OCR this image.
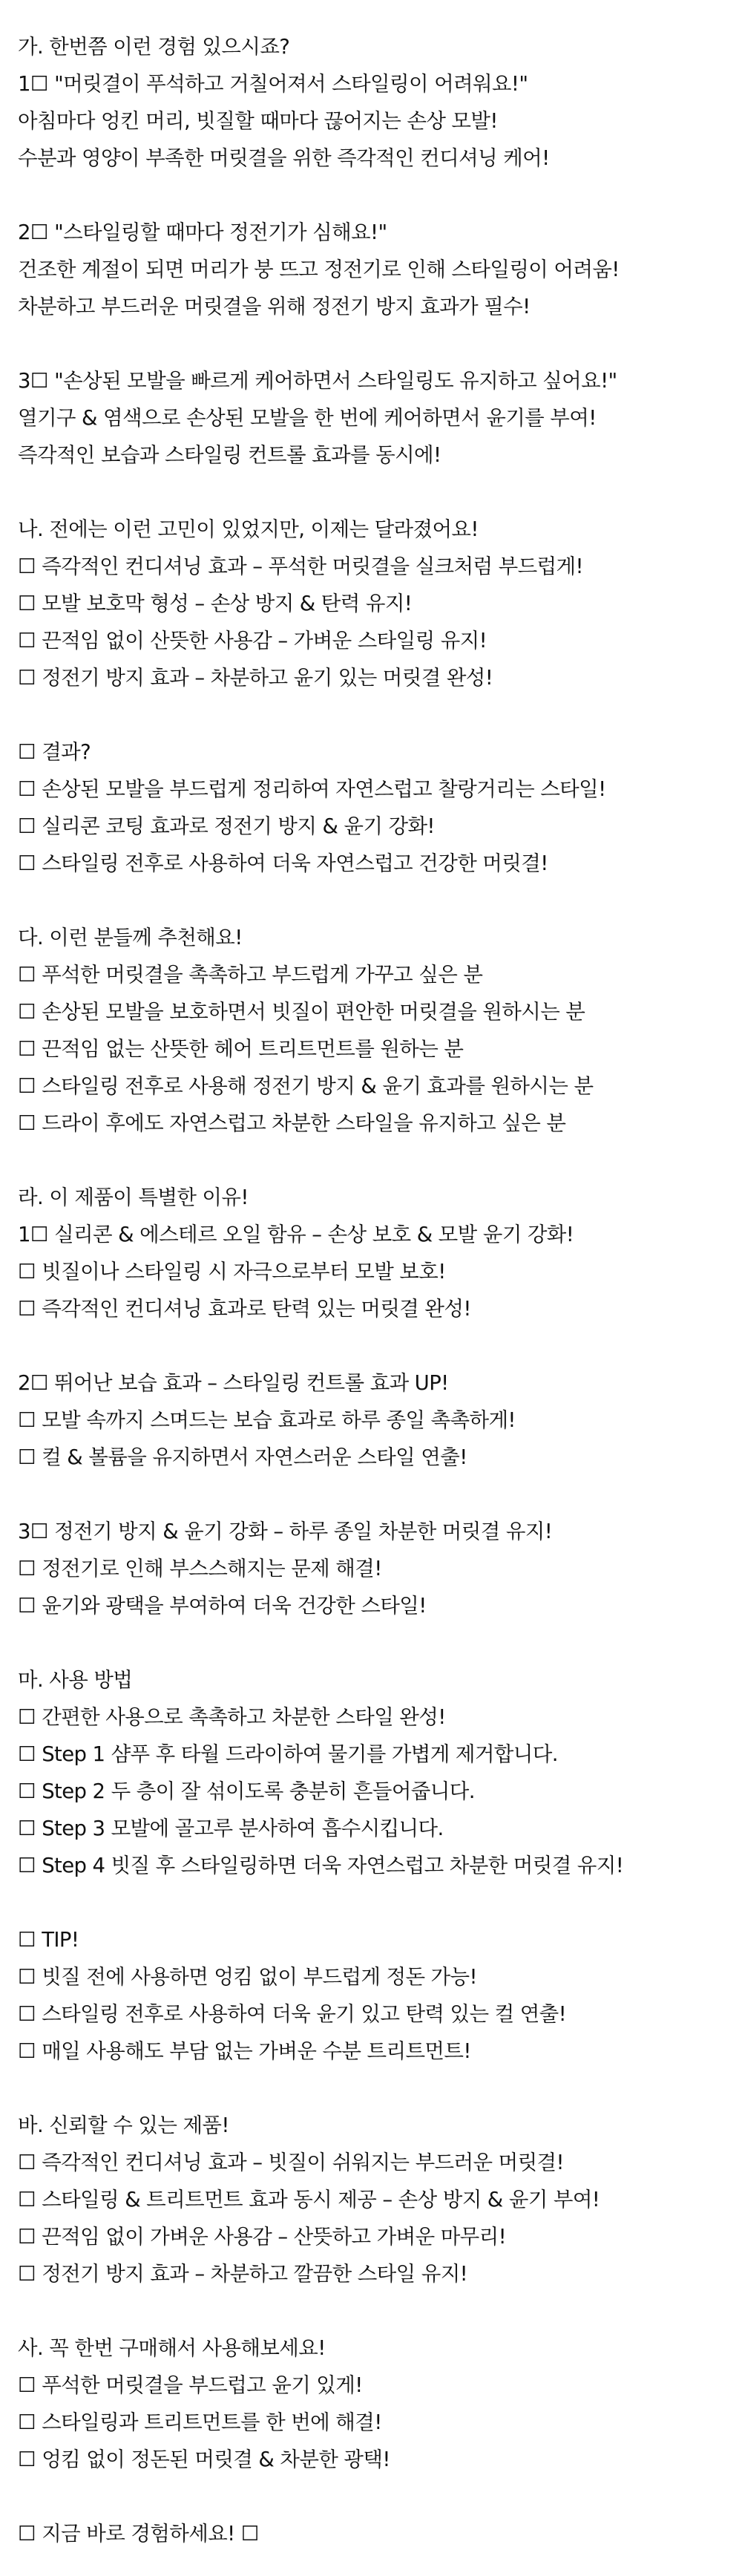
가. 한번쯤 이런 경험 있으시죠?
1☐ "머릿결이 푸석하고 거칠어져서 스타일링이 어려워요!"
아침마다 엉킨 머리, 빗질할 때마다 끊어지는 손상 모발!
수분과 영양이 부족한 머릿결을 위한 즉각적인 컨디셔닝 케어!
2☐ "스타일링할 때마다 정전기가 심해요!"
건조한 계절이 되면 머리가 붕 뜨고 정전기로 인해 스타일링이 어려움!
차분하고 부드러운 머릿결을 위해 정전기 방지 효과가 필수!
3☐ "손상된 모발을 빠르게 케어하면서 스타일링도 유지하고 싶어요!"
열기구 & 염색으로 손상된 모발을 한 번에 케어하면서 윤기를 부여!
즉각적인 보습과 스타일링 컨트롤 효과를 동시에!
나. 전에는 이런 고민이 있었지만, 이제는 달라졌어요!
☐ 즉각적인 컨디셔닝 효과 – 푸석한 머릿결을 실크처럼 부드럽게!
☐ 모발 보호막 형성 – 손상 방지 & 탄력 유지!
☐ 끈적임 없이 산뜻한 사용감 – 가벼운 스타일링 유지!
☐ 정전기 방지 효과 – 차분하고 윤기 있는 머릿결 완성!
☐ 결과?
☐ 손상된 모발을 부드럽게 정리하여 자연스럽고 찰랑거리는 스타일!
☐ 실리콘 코팅 효과로 정전기 방지 & 윤기 강화!
☐ 스타일링 전후로 사용하여 더욱 자연스럽고 건강한 머릿결!
다. 이런 분들께 추천해요!
☐ 푸석한 머릿결을 촉촉하고 부드럽게 가꾸고 싶은 분
☐ 손상된 모발을 보호하면서 빗질이 편안한 머릿결을 원하시는 분
☐ 끈적임 없는 산뜻한 헤어 트리트먼트를 원하는 분
☐ 스타일링 전후로 사용해 정전기 방지 & 윤기 효과를 원하시는 분
☐ 드라이 후에도 자연스럽고 차분한 스타일을 유지하고 싶은 분
라. 이 제품이 특별한 이유!
1☐ 실리콘 & 에스테르 오일 함유 – 손상 보호 & 모발 윤기 강화!
☐ 빗질이나 스타일링 시 자극으로부터 모발 보호!
☐ 즉각적인 컨디셔닝 효과로 탄력 있는 머릿결 완성!
2☐ 뛰어난 보습 효과 – 스타일링 컨트롤 효과 UP!
☐ 모발 속까지 스며드는 보습 효과로 하루 종일 촉촉하게!
☐ 컬 & 볼륨을 유지하면서 자연스러운 스타일 연출!
3☐ 정전기 방지 & 윤기 강화 – 하루 종일 차분한 머릿결 유지!
☐ 정전기로 인해 부스스해지는 문제 해결!
☐ 윤기와 광택을 부여하여 더욱 건강한 스타일!
마. 사용 방법
☐ 간편한 사용으로 촉촉하고 차분한 스타일 완성!
☐ Step 1 샴푸 후 타월 드라이하여 물기를 가볍게 제거합니다.
☐ Step 2 두 층이 잘 섞이도록 충분히 흔들어줍니다.
☐ Step 3 모발에 골고루 분사하여 흡수시킵니다.
☐ Step 4 빗질 후 스타일링하면 더욱 자연스럽고 차분한 머릿결 유지!
☐ TIP!
☐ 빗질 전에 사용하면 엉킴 없이 부드럽게 정돈 가능!
☐ 스타일링 전후로 사용하여 더욱 윤기 있고 탄력 있는 컬 연출!
☐ 매일 사용해도 부담 없는 가벼운 수분 트리트먼트!
바. 신뢰할 수 있는 제품!
☐ 즉각적인 컨디셔닝 효과 – 빗질이 쉬워지는 부드러운 머릿결!
☐ 스타일링 & 트리트먼트 효과 동시 제공 – 손상 방지 & 윤기 부여!
☐ 끈적임 없이 가벼운 사용감 – 산뜻하고 가벼운 마무리!
☐ 정전기 방지 효과 – 차분하고 깔끔한 스타일 유지!
사. 꼭 한번 구매해서 사용해보세요!
☐ 푸석한 머릿결을 부드럽고 윤기 있게!
☐ 스타일링과 트리트먼트를 한 번에 해결!
☐ 엉킴 없이 정돈된 머릿결 & 차분한 광택!
☐ 지금 바로 경험하세요! ☐
